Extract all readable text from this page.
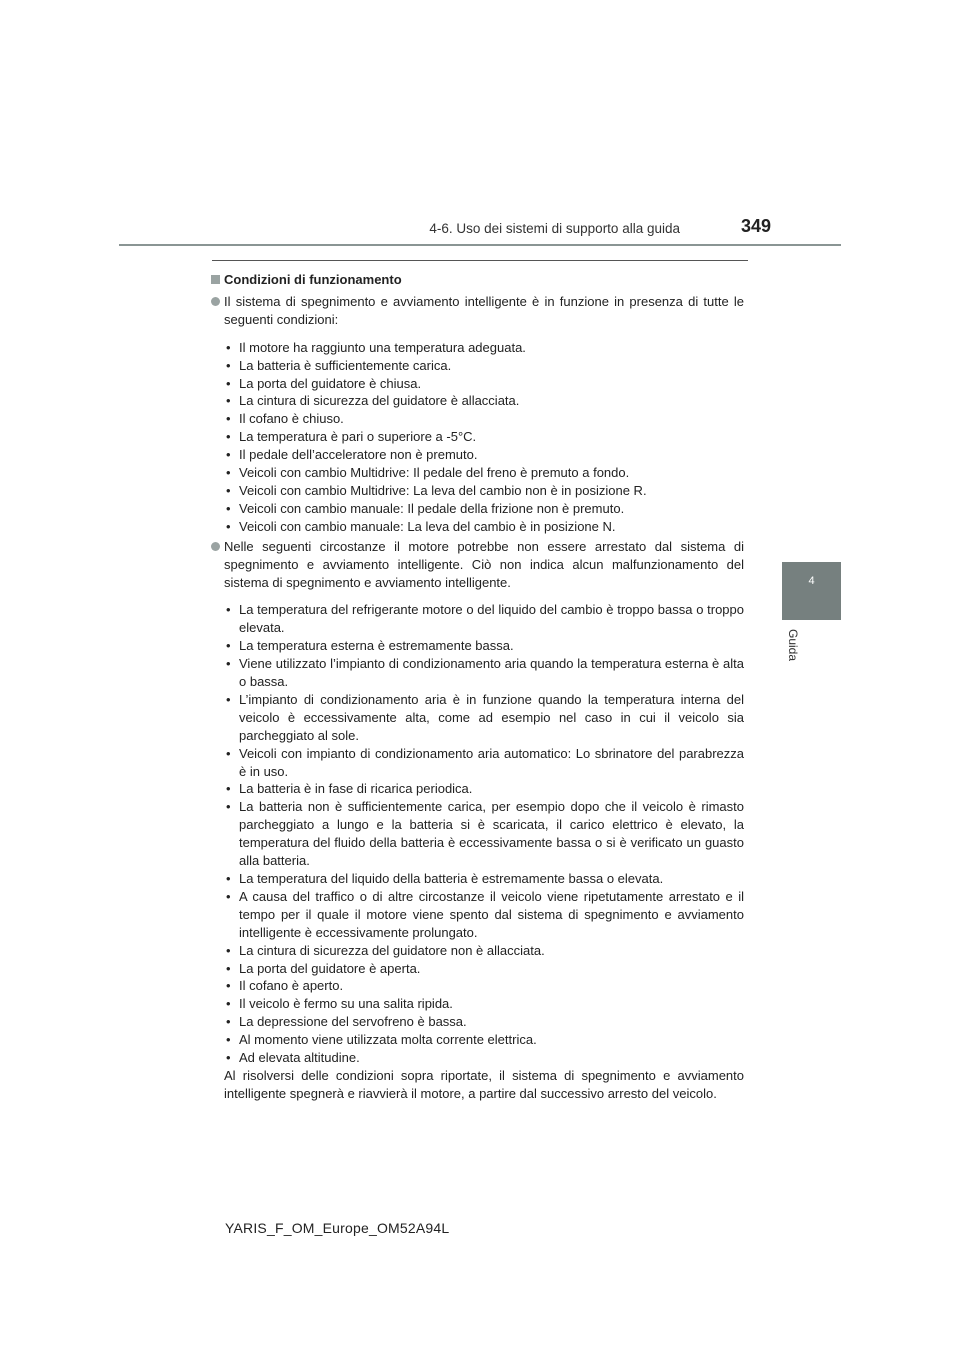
4-6. Uso dei sistemi di supporto alla guida	349
4
Guida
Condizioni di funzionamento
Il sistema di spegnimento e avviamento intelligente è in funzione in presenza di tutte le seguenti condizioni:
• Il motore ha raggiunto una temperatura adeguata.
• La batteria è sufficientemente carica.
• La porta del guidatore è chiusa.
• La cintura di sicurezza del guidatore è allacciata.
• Il cofano è chiuso.
• La temperatura è pari o superiore a -5°C.
• Il pedale dell’acceleratore non è premuto.
• Veicoli con cambio Multidrive: Il pedale del freno è premuto a fondo.
• Veicoli con cambio Multidrive: La leva del cambio non è in posizione R.
• Veicoli con cambio manuale: Il pedale della frizione non è premuto.
• Veicoli con cambio manuale: La leva del cambio è in posizione N.
Nelle seguenti circostanze il motore potrebbe non essere arrestato dal sistema di spegnimento e avviamento intelligente. Ciò non indica alcun malfunzionamento del sistema di spegnimento e avviamento intelligente.
• La temperatura del refrigerante motore o del liquido del cambio è troppo bassa o troppo elevata.
• La temperatura esterna è estremamente bassa.
• Viene utilizzato l’impianto di condizionamento aria quando la temperatura esterna è alta o bassa.
• L’impianto di condizionamento aria è in funzione quando la temperatura interna del veicolo è eccessivamente alta, come ad esempio nel caso in cui il veicolo sia parcheggiato al sole.
• Veicoli con impianto di condizionamento aria automatico: Lo sbrinatore del parabrezza è in uso.
• La batteria è in fase di ricarica periodica.
• La batteria non è sufficientemente carica, per esempio dopo che il veicolo è rimasto parcheggiato a lungo e la batteria si è scaricata, il carico elettrico è elevato, la temperatura del fluido della batteria è eccessivamente bassa o si è verificato un guasto alla batteria.
• La temperatura del liquido della batteria è estremamente bassa o elevata.
• A causa del traffico o di altre circostanze il veicolo viene ripetutamente arrestato e il tempo per il quale il motore viene spento dal sistema di spegnimento e avviamento intelligente è eccessivamente prolungato.
• La cintura di sicurezza del guidatore non è allacciata.
• La porta del guidatore è aperta.
• Il cofano è aperto.
• Il veicolo è fermo su una salita ripida.
• La depressione del servofreno è bassa.
• Al momento viene utilizzata molta corrente elettrica.
• Ad elevata altitudine.

Al risolversi delle condizioni sopra riportate, il sistema di spegnimento e avviamento intelligente spegnerà e riavvierà il motore, a partire dal successivo arresto del veicolo.

YARIS_F_OM_Europe_OM52A94L
